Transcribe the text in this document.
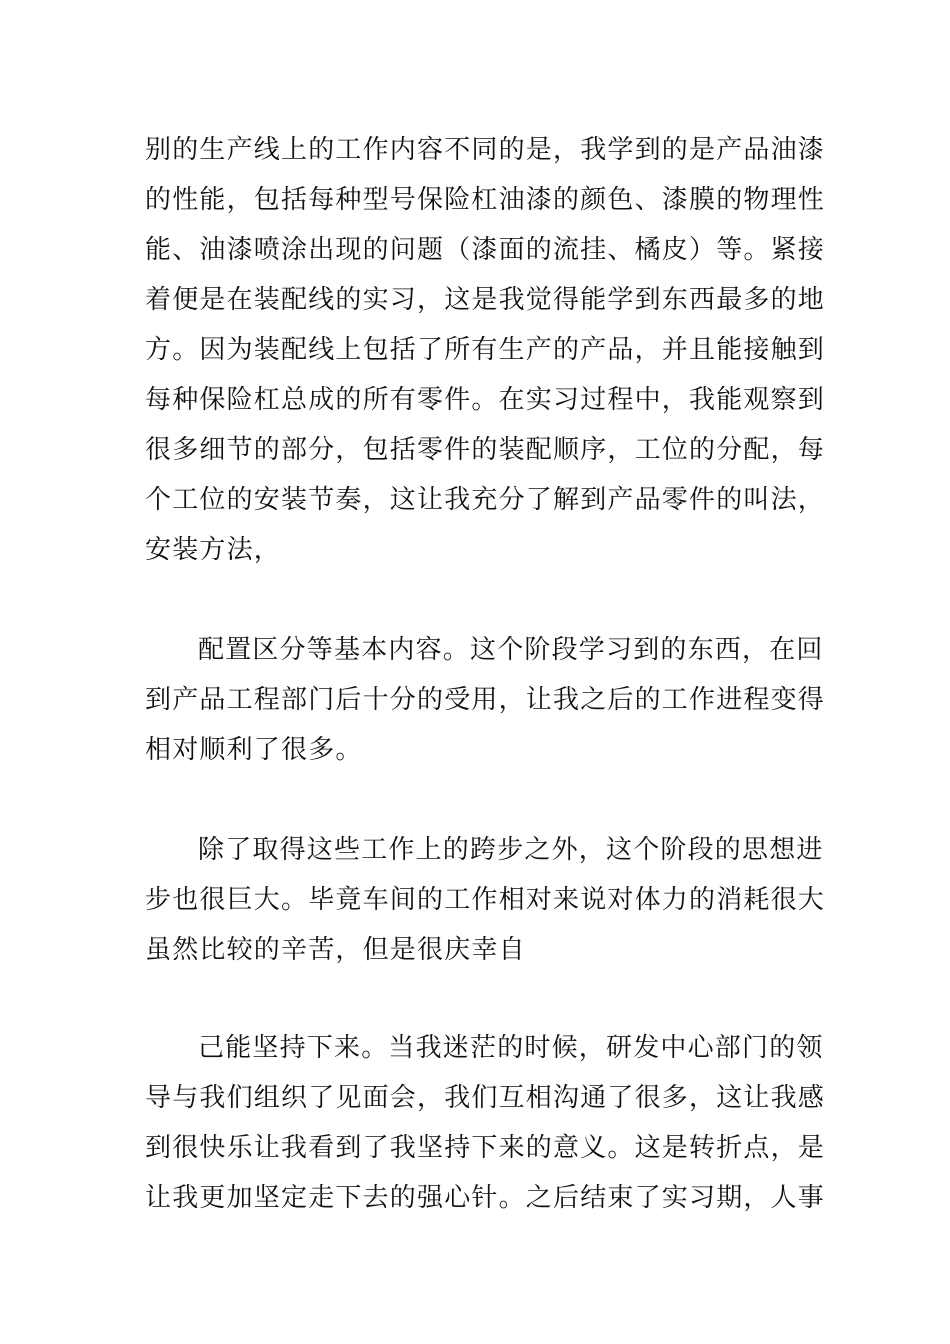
别的生产线上的工作内容不同的是，我学到的是产品油漆
的性能，包括每种型号保险杠油漆的颜色、漆膜的物理性
能、油漆喷涂出现的问题（漆面的流挂、橘皮）等。紧接
着便是在装配线的实习，这是我觉得能学到东西最多的地
方。因为装配线上包括了所有生产的产品，并且能接触到
每种保险杠总成的所有零件。在实习过程中，我能观察到
很多细节的部分，包括零件的装配顺序，工位的分配，每
个工位的安装节奏，这让我充分了解到产品零件的叫法，
安装方法，
配置区分等基本内容。这个阶段学习到的东西，在回
到产品工程部门后十分的受用，让我之后的工作进程变得
相对顺利了很多。
除了取得这些工作上的跨步之外，这个阶段的思想进
步也很巨大。毕竟车间的工作相对来说对体力的消耗很大
虽然比较的辛苦，但是很庆幸自
己能坚持下来。当我迷茫的时候，研发中心部门的领
导与我们组织了见面会，我们互相沟通了很多，这让我感
到很快乐让我看到了我坚持下来的意义。这是转折点，是
让我更加坚定走下去的强心针。之后结束了实习期，人事
